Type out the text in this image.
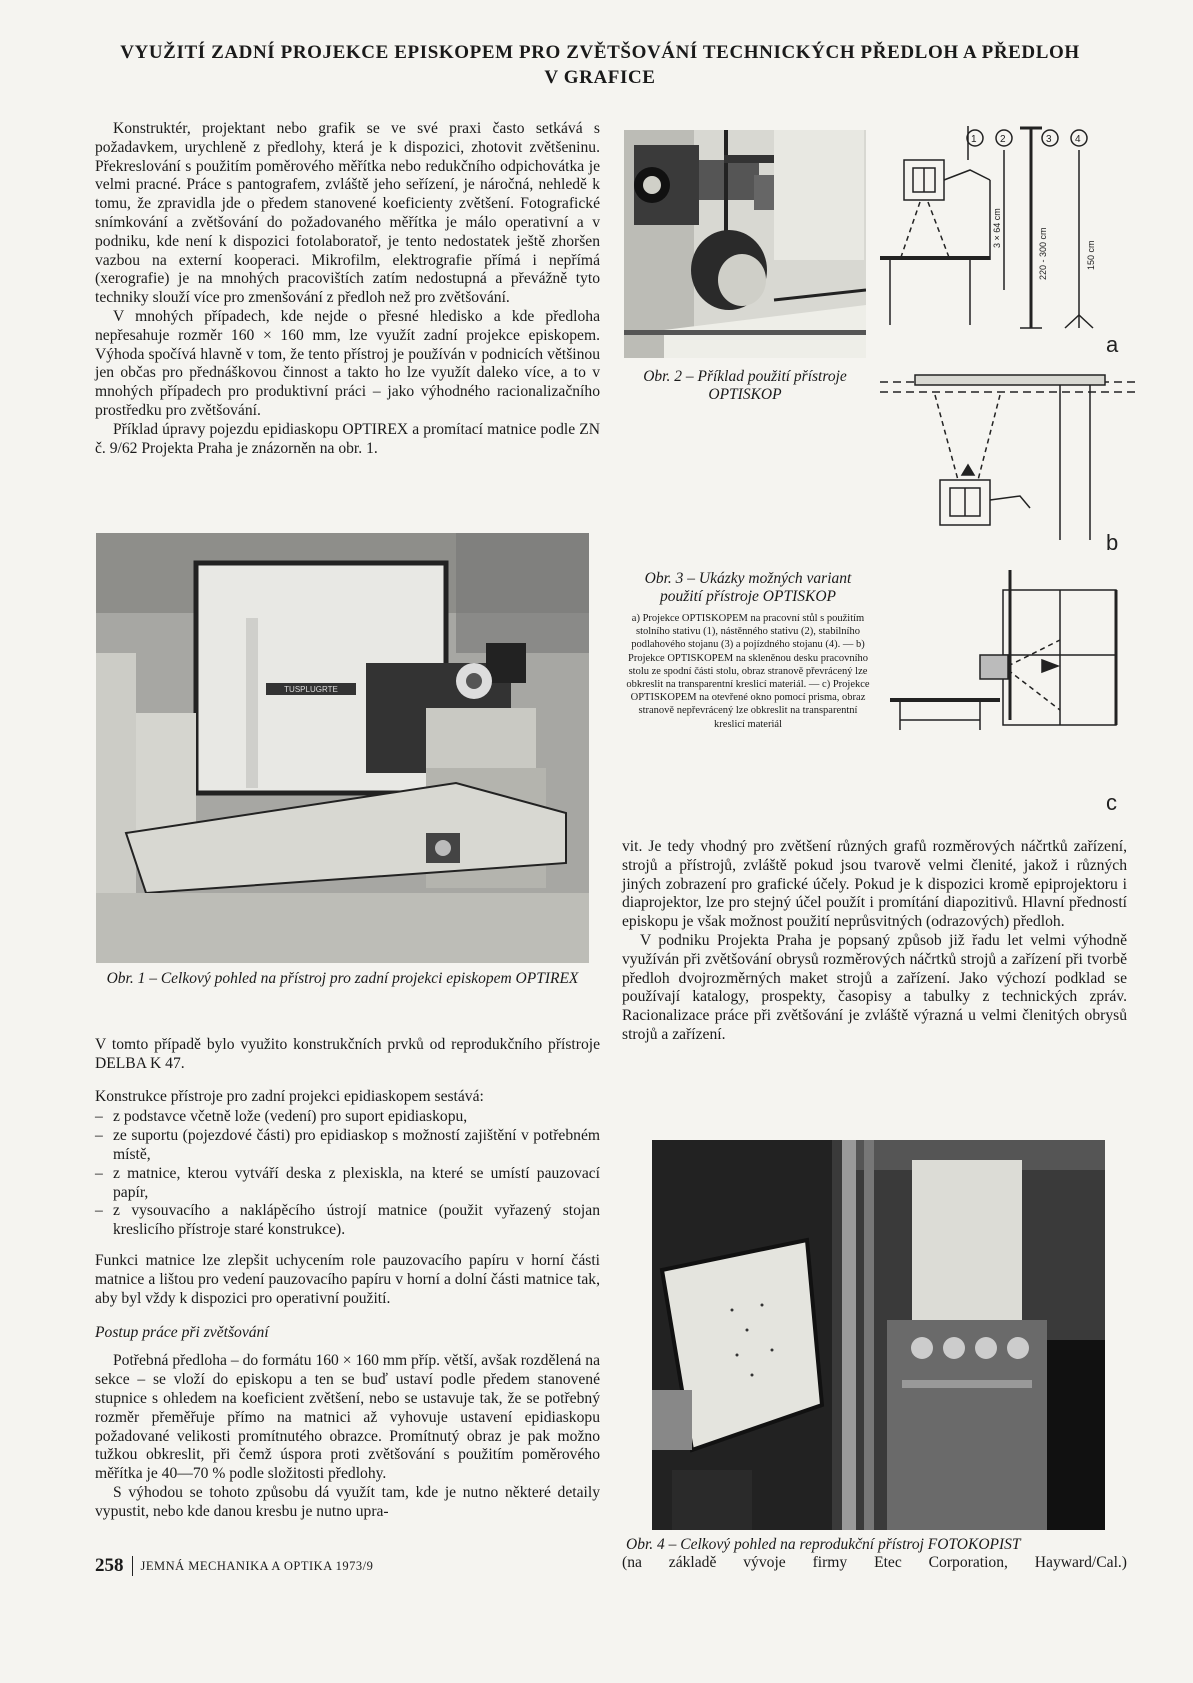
VYUŽITÍ ZADNÍ PROJEKCE EPISKOPEM PRO ZVĚTŠOVÁNÍ TECHNICKÝCH PŘEDLOH A PŘEDLOH
V GRAFICE

Konstruktér, projektant nebo grafik se ve své praxi často setkává s požadavkem, urychleně z předlohy, která je k dispozici, zhotovit zvětšeninu. Překreslování s použitím poměrového měřítka nebo redukčního odpichovátka je velmi pracné. Práce s pantografem, zvláště jeho seřízení, je náročná, nehledě k tomu, že zpravidla jde o předem stanovené koeficienty zvětšení. Fotografické snímkování a zvětšování do požadovaného měřítka je málo operativní a v podniku, kde není k dispozici fotolaboratoř, je tento nedostatek ještě zhoršen vazbou na externí kooperaci. Mikrofilm, elektrografie přímá i nepřímá (xerografie) je na mnohých pracovištích zatím nedostupná a převážně tyto techniky slouží více pro zmenšování z předloh než pro zvětšování.

V mnohých případech, kde nejde o přesné hledisko a kde předloha nepřesahuje rozměr 160 × 160 mm, lze využít zadní projekce episkopem. Výhoda spočívá hlavně v tom, že tento přístroj je používán v podnicích většinou jen občas pro přednáškovou činnost a takto ho lze využít daleko více, a to v mnohých případech pro produktivní práci – jako výhodného racionalizačního prostředku pro zvětšování.

Příklad úpravy pojezdu epidiaskopu OPTIREX a promítací matnice podle ZN č. 9/62 Projekta Praha je znázorněn na obr. 1.

Obr. 2 – Příklad použití přístroje OPTISKOP

1 2	3 4
3 × 64 cm	220 - 300 cm	150 cm
a
b
c

Obr. 3 – Ukázky možných variant použití přístroje OPTISKOP

a) Projekce OPTISKOPEM na pracovní stůl s použitím stolního stativu (1), nástěnného stativu (2), stabilního podlahového stojanu (3) a pojízdného stojanu (4). — b) Projekce OPTISKOPEM na skleněnou desku pracovního stolu ze spodní části stolu, obraz stranově převrácený lze obkreslit na transparentní kreslicí materiál. — c) Projekce OPTISKOPEM na otevřené okno pomocí prisma, obraz stranově nepřevrácený lze obkreslit na transparentní kreslicí materiál

TUSPLUGRTE

Obr. 1 – Celkový pohled na přístroj pro zadní projekci episkopem OPTIREX

V tomto případě bylo využito konstrukčních prvků od reprodukčního přístroje DELBA K 47.

Konstrukce přístroje pro zadní projekci epidiaskopem sestává:

– z podstavce včetně lože (vedení) pro suport epidiaskopu,
– ze suportu (pojezdové části) pro epidiaskop s možností zajištění v potřebném místě,
– z matnice, kterou vytváří deska z plexiskla, na které se umístí pauzovací papír,
– z vysouvacího a naklápěcího ústrojí matnice (použit vyřazený stojan kreslicího přístroje staré konstrukce).

Funkci matnice lze zlepšit uchycením role pauzovacího papíru v horní části matnice a lištou pro vedení pauzovacího papíru v horní a dolní části matnice tak, aby byl vždy k dispozici pro operativní použití.

Postup práce při zvětšování

Potřebná předloha – do formátu 160 × 160 mm příp. větší, avšak rozdělená na sekce – se vloží do episkopu a ten se buď ustaví podle předem stanovené stupnice s ohledem na koeficient zvětšení, nebo se ustavuje tak, že se potřebný rozměr přeměřuje přímo na matnici až vyhovuje ustavení epidiaskopu požadované velikosti promítnutého obrazce. Promítnutý obraz je pak možno tužkou obkreslit, při čemž úspora proti zvětšování s použitím poměrového měřítka je 40—70 % podle složitosti předlohy.

S výhodou se tohoto způsobu dá využít tam, kde je nutno některé detaily vypustit, nebo kde danou kresbu je nutno upra-

vit. Je tedy vhodný pro zvětšení různých grafů rozměrových náčrtků zařízení, strojů a přístrojů, zvláště pokud jsou tvarově velmi členité, jakož i různých jiných zobrazení pro grafické účely. Pokud je k dispozici kromě epiprojektoru i diaprojektor, lze pro stejný účel použít i promítání diapozitivů. Hlavní předností episkopu je však možnost použití neprůsvitných (odrazových) předloh.

V podniku Projekta Praha je popsaný způsob již řadu let velmi výhodně využíván při zvětšování obrysů rozměrových náčrtků strojů a zařízení při tvorbě předloh dvojrozměrných maket strojů a zařízení. Jako výchozí podklad se používají katalogy, prospekty, časopisy a tabulky z technických zpráv. Racionalizace práce při zvětšování je zvláště výrazná u velmi členitých obrysů strojů a zařízení.

Obr. 4 – Celkový pohled na reprodukční přístroj FOTOKOPIST

(na základě vývoje firmy Etec Corporation, Hayward/Cal.)

258 JEMNÁ MECHANIKA A OPTIKA 1973/9
